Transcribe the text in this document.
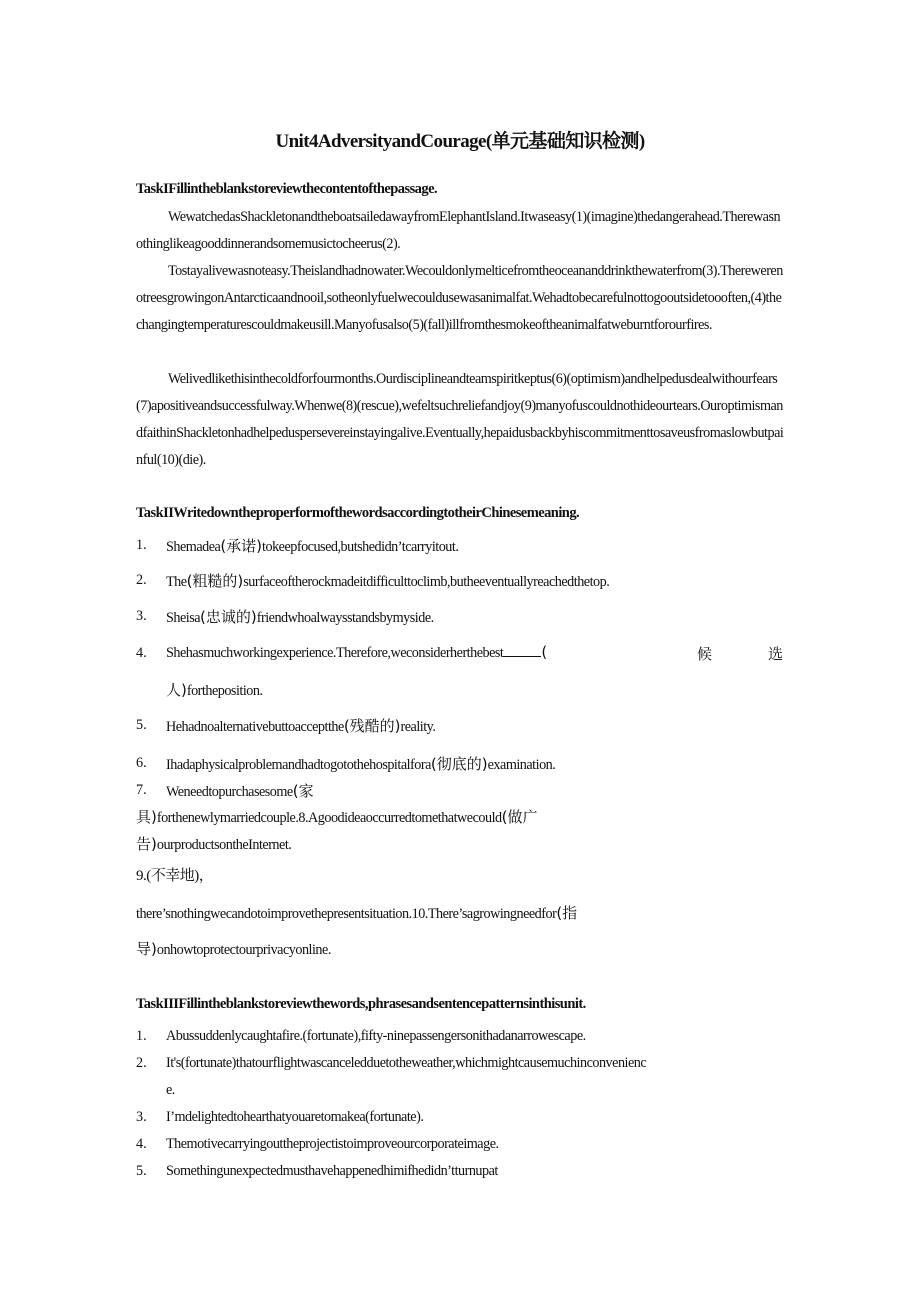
Unit4AdversityandCourage(单元基础知识检测)
TaskIFillintheblankstoreviewthecontentofthepassage.
WewatchedasShackletonandtheboatsailedawayfromElephantIsland.Itwaseasy(1)(imagine)thedangerahead.Therewasnothinglikeagooddinnerandsomemusictocheerus(2).
Tostayalivewasnoteasy.Theislandhadnowater.Wecouldonlymelticefromtheoceananddrinkthewaterfrom(3).TherewerenotreesgrowingonAntarcticaandnooil,sotheonlyfuelwecouldusewasanimalfat.Wehadtobecarefulnottogooutsidetoooften,(4)thechangingtemperaturescouldmakeusill.Manyofusalso(5)(fall)illfromthesmokeoftheanimalfatweburntforourfires.
Welivedlikethisinthecoldforfourmonths.Ourdisciplineandteamspiritkeptus(6)(optimism)andhelpedusdealwithourfears(7)apositiveandsuccessfulway.Whenwe(8)(rescue),wefeltsuchreliefandjoy(9)manyofuscouldnothideourtears.OuroptimismandfaithinShackletonhadhelpeduspersevereinstayingalive.Eventually,hepaidusbackbyhiscommitmenttosaveusfromaslowbutpainful(10)(die).
TaskIIWritedowntheproperformofthewordsaccordingtotheirChinesemeaning.
1. Shemadea(承诺)tokeepfocused,butshedidn’tcarryitout.
2. The(粗糙的)surfaceoftherockmadeitdifficulttoclimb,butheeventuallyreachedthetop.
3. Sheisa(忠诚的)friendwhoalwaysstandsbymyside.
4. Shehasmuchworkingexperience.Therefore,weconsiderherthebest	(	候	选
人)fortheposition.
5. Hehadnoalternativebuttoacceptthe(残酷的)reality.
6. Ihadaphysicalproblemandhadtogotothehospitalfora(彻底的)examination.
7. Weneedtopurchasesome(家
具)forthenewlymarriedcouple.8.Agoodideaoccurredtomethatwecould(做广
告)ourproductsontheInternet.
9.(不幸地)，
there’snothingwecandotoimprovethepresentsituation.10.There’sagrowingneedfor(指
导)onhowtoprotectourprivacyonline.
TaskIIIFillintheblankstoreviewthewords,phrasesandsentencepatternsinthisunit.
1. Abussuddenlycaughtafire.(fortunate),fifty-ninepassengersonithadanarrowescape.
2. It's(fortunate)thatourflightwascanceledduetotheweather,whichmightcausemuchinconvenienc
e.
3. I’mdelightedtohearthatyouaretomakea(fortunate).
4. Themotivecarryingouttheprojectistoimproveourcorporateimage.
5. Somethingunexpectedmusthavehappenedhimifhedidn’tturnupat
